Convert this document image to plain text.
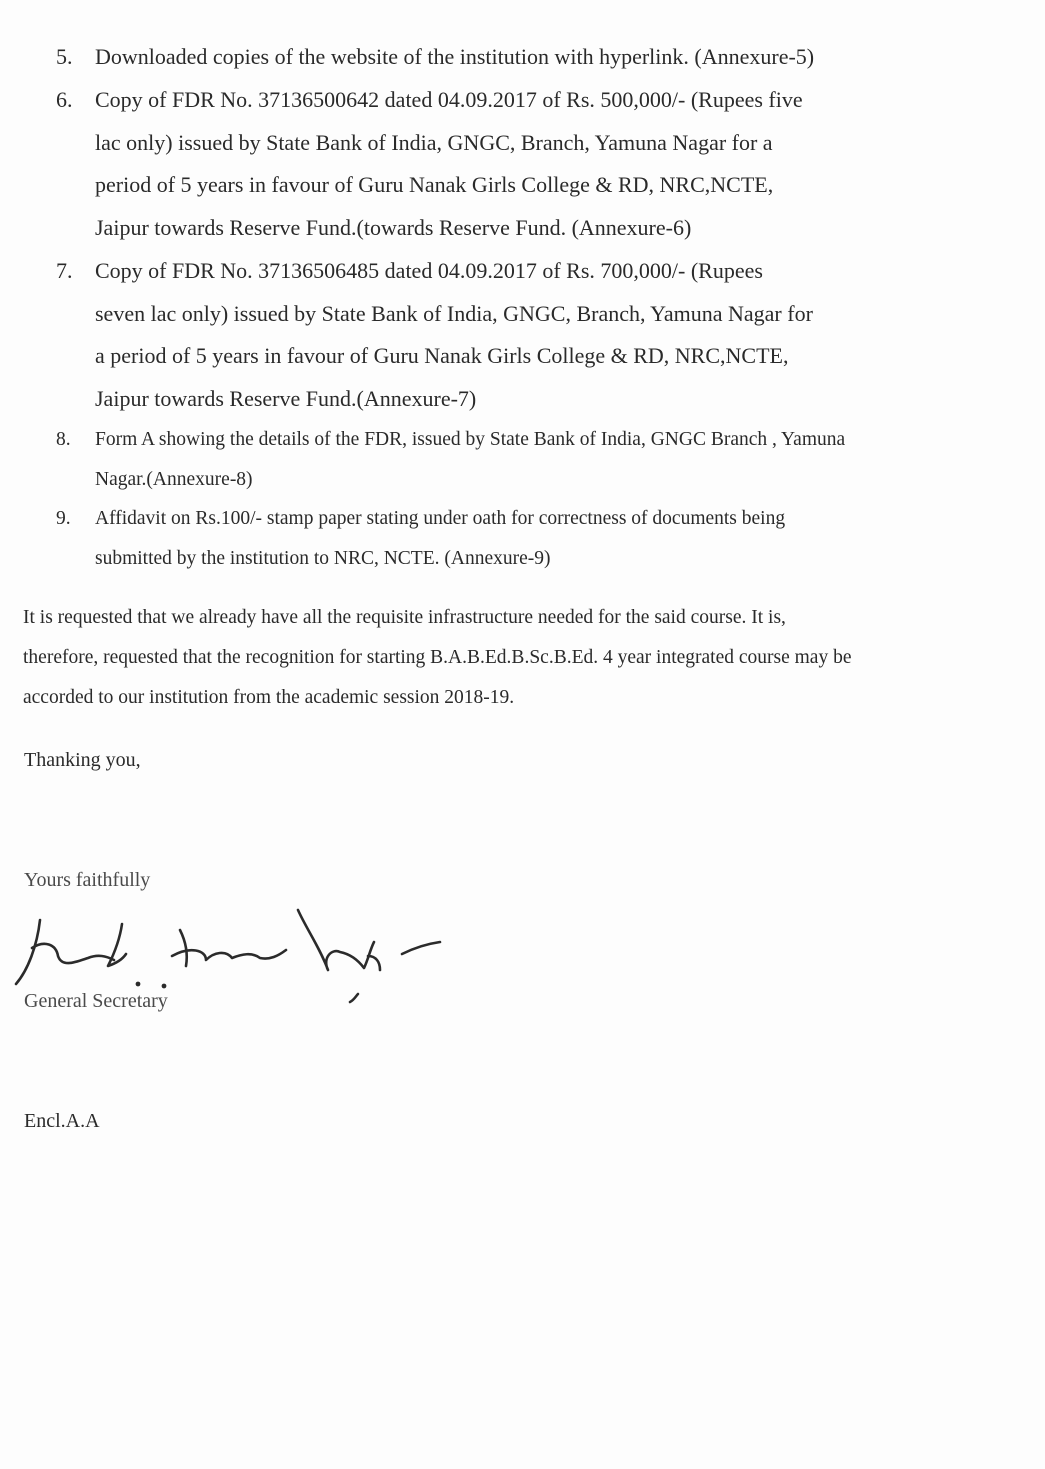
5.	Downloaded copies of the website of the institution with hyperlink. (Annexure-5)
6.	Copy of FDR No. 37136500642 dated 04.09.2017 of Rs. 500,000/- (Rupees five
lac only) issued by State Bank of India, GNGC, Branch, Yamuna Nagar for a
period of 5 years in favour of Guru Nanak Girls College & RD, NRC,NCTE,
Jaipur towards Reserve Fund.(towards Reserve Fund. (Annexure-6)
7.	Copy of FDR No. 37136506485 dated 04.09.2017 of Rs. 700,000/- (Rupees
seven lac only) issued by State Bank of India, GNGC, Branch, Yamuna Nagar for
a period of 5 years in favour of Guru Nanak Girls College & RD, NRC,NCTE,
Jaipur towards Reserve Fund.(Annexure-7)
8.	Form A showing the details of the FDR, issued by State Bank of India, GNGC Branch , Yamuna
Nagar.(Annexure-8)
9.	Affidavit on Rs.100/- stamp paper stating under oath for correctness of documents being
submitted by the institution to NRC, NCTE. (Annexure-9)
It is requested that we already have all the requisite infrastructure needed for the said course. It is,
therefore, requested that the recognition for starting B.A.B.Ed.B.Sc.B.Ed. 4 year integrated course may be
accorded to our institution from the academic session 2018-19.
Thanking you,
Yours faithfully
General Secretary
Encl.A.A
